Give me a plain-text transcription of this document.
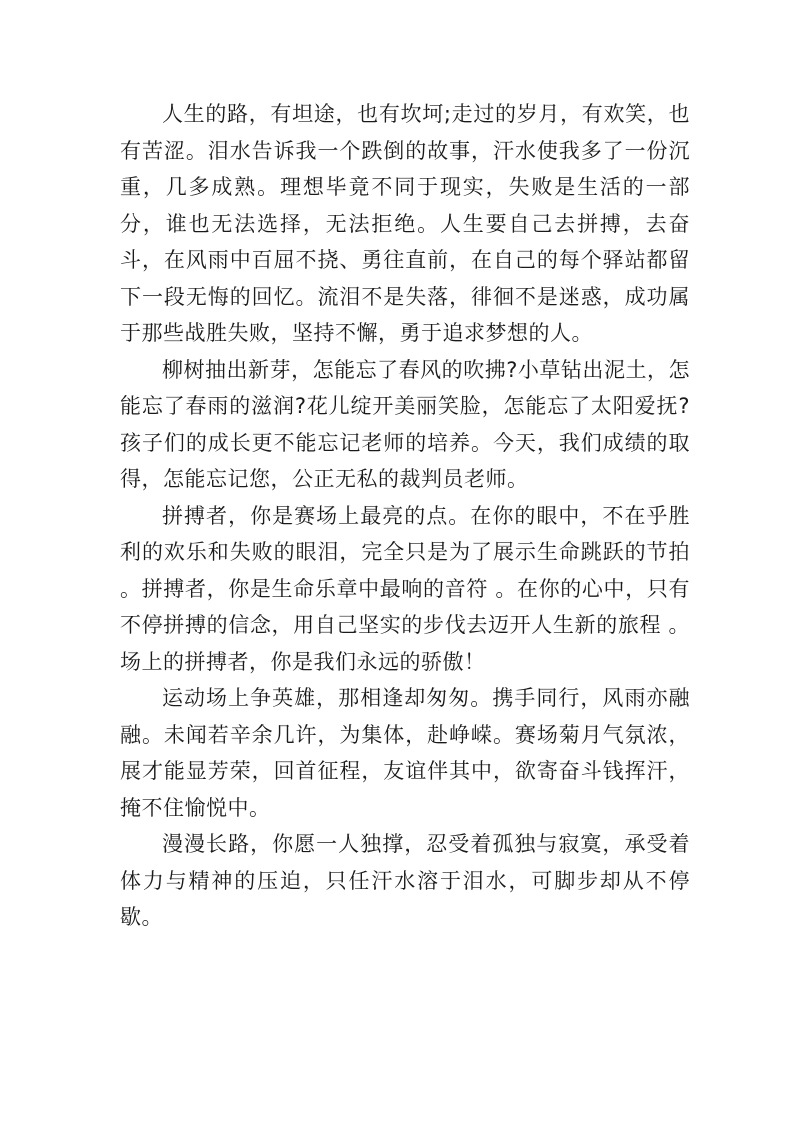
人生的路，有坦途，也有坎坷;走过的岁月，有欢笑，也有苦涩。泪水告诉我一个跌倒的故事，汗水使我多了一份沉重，几多成熟。理想毕竟不同于现实，失败是生活的一部分，谁也无法选择，无法拒绝。人生要自己去拼搏，去奋斗，在风雨中百屈不挠、勇往直前，在自己的每个驿站都留下一段无悔的回忆。流泪不是失落，徘徊不是迷惑，成功属于那些战胜失败，坚持不懈，勇于追求梦想的人。

柳树抽出新芽，怎能忘了春风的吹拂?小草钻出泥土，怎能忘了春雨的滋润?花儿绽开美丽笑脸，怎能忘了太阳爱抚?孩子们的成长更不能忘记老师的培养。今天，我们成绩的取得，怎能忘记您，公正无私的裁判员老师。

拼搏者，你是赛场上最亮的点。在你的眼中，不在乎胜利的欢乐和失败的眼泪，完全只是为了展示生命跳跃的节拍 。拼搏者，你是生命乐章中最响的音符 。在你的心中，只有不停拼搏的信念，用自己坚实的步伐去迈开人生新的旅程 。场上的拼搏者，你是我们永远的骄傲！

运动场上争英雄，那相逢却匆匆。携手同行，风雨亦融融。未闻若辛余几许，为集体，赴峥嵘。赛场菊月气氛浓，展才能显芳荣，回首征程，友谊伴其中，欲寄奋斗钱挥汗，掩不住愉悦中。

漫漫长路，你愿一人独撑，忍受着孤独与寂寞，承受着体力与精神的压迫，只任汗水溶于泪水，可脚步却从不停歇。
